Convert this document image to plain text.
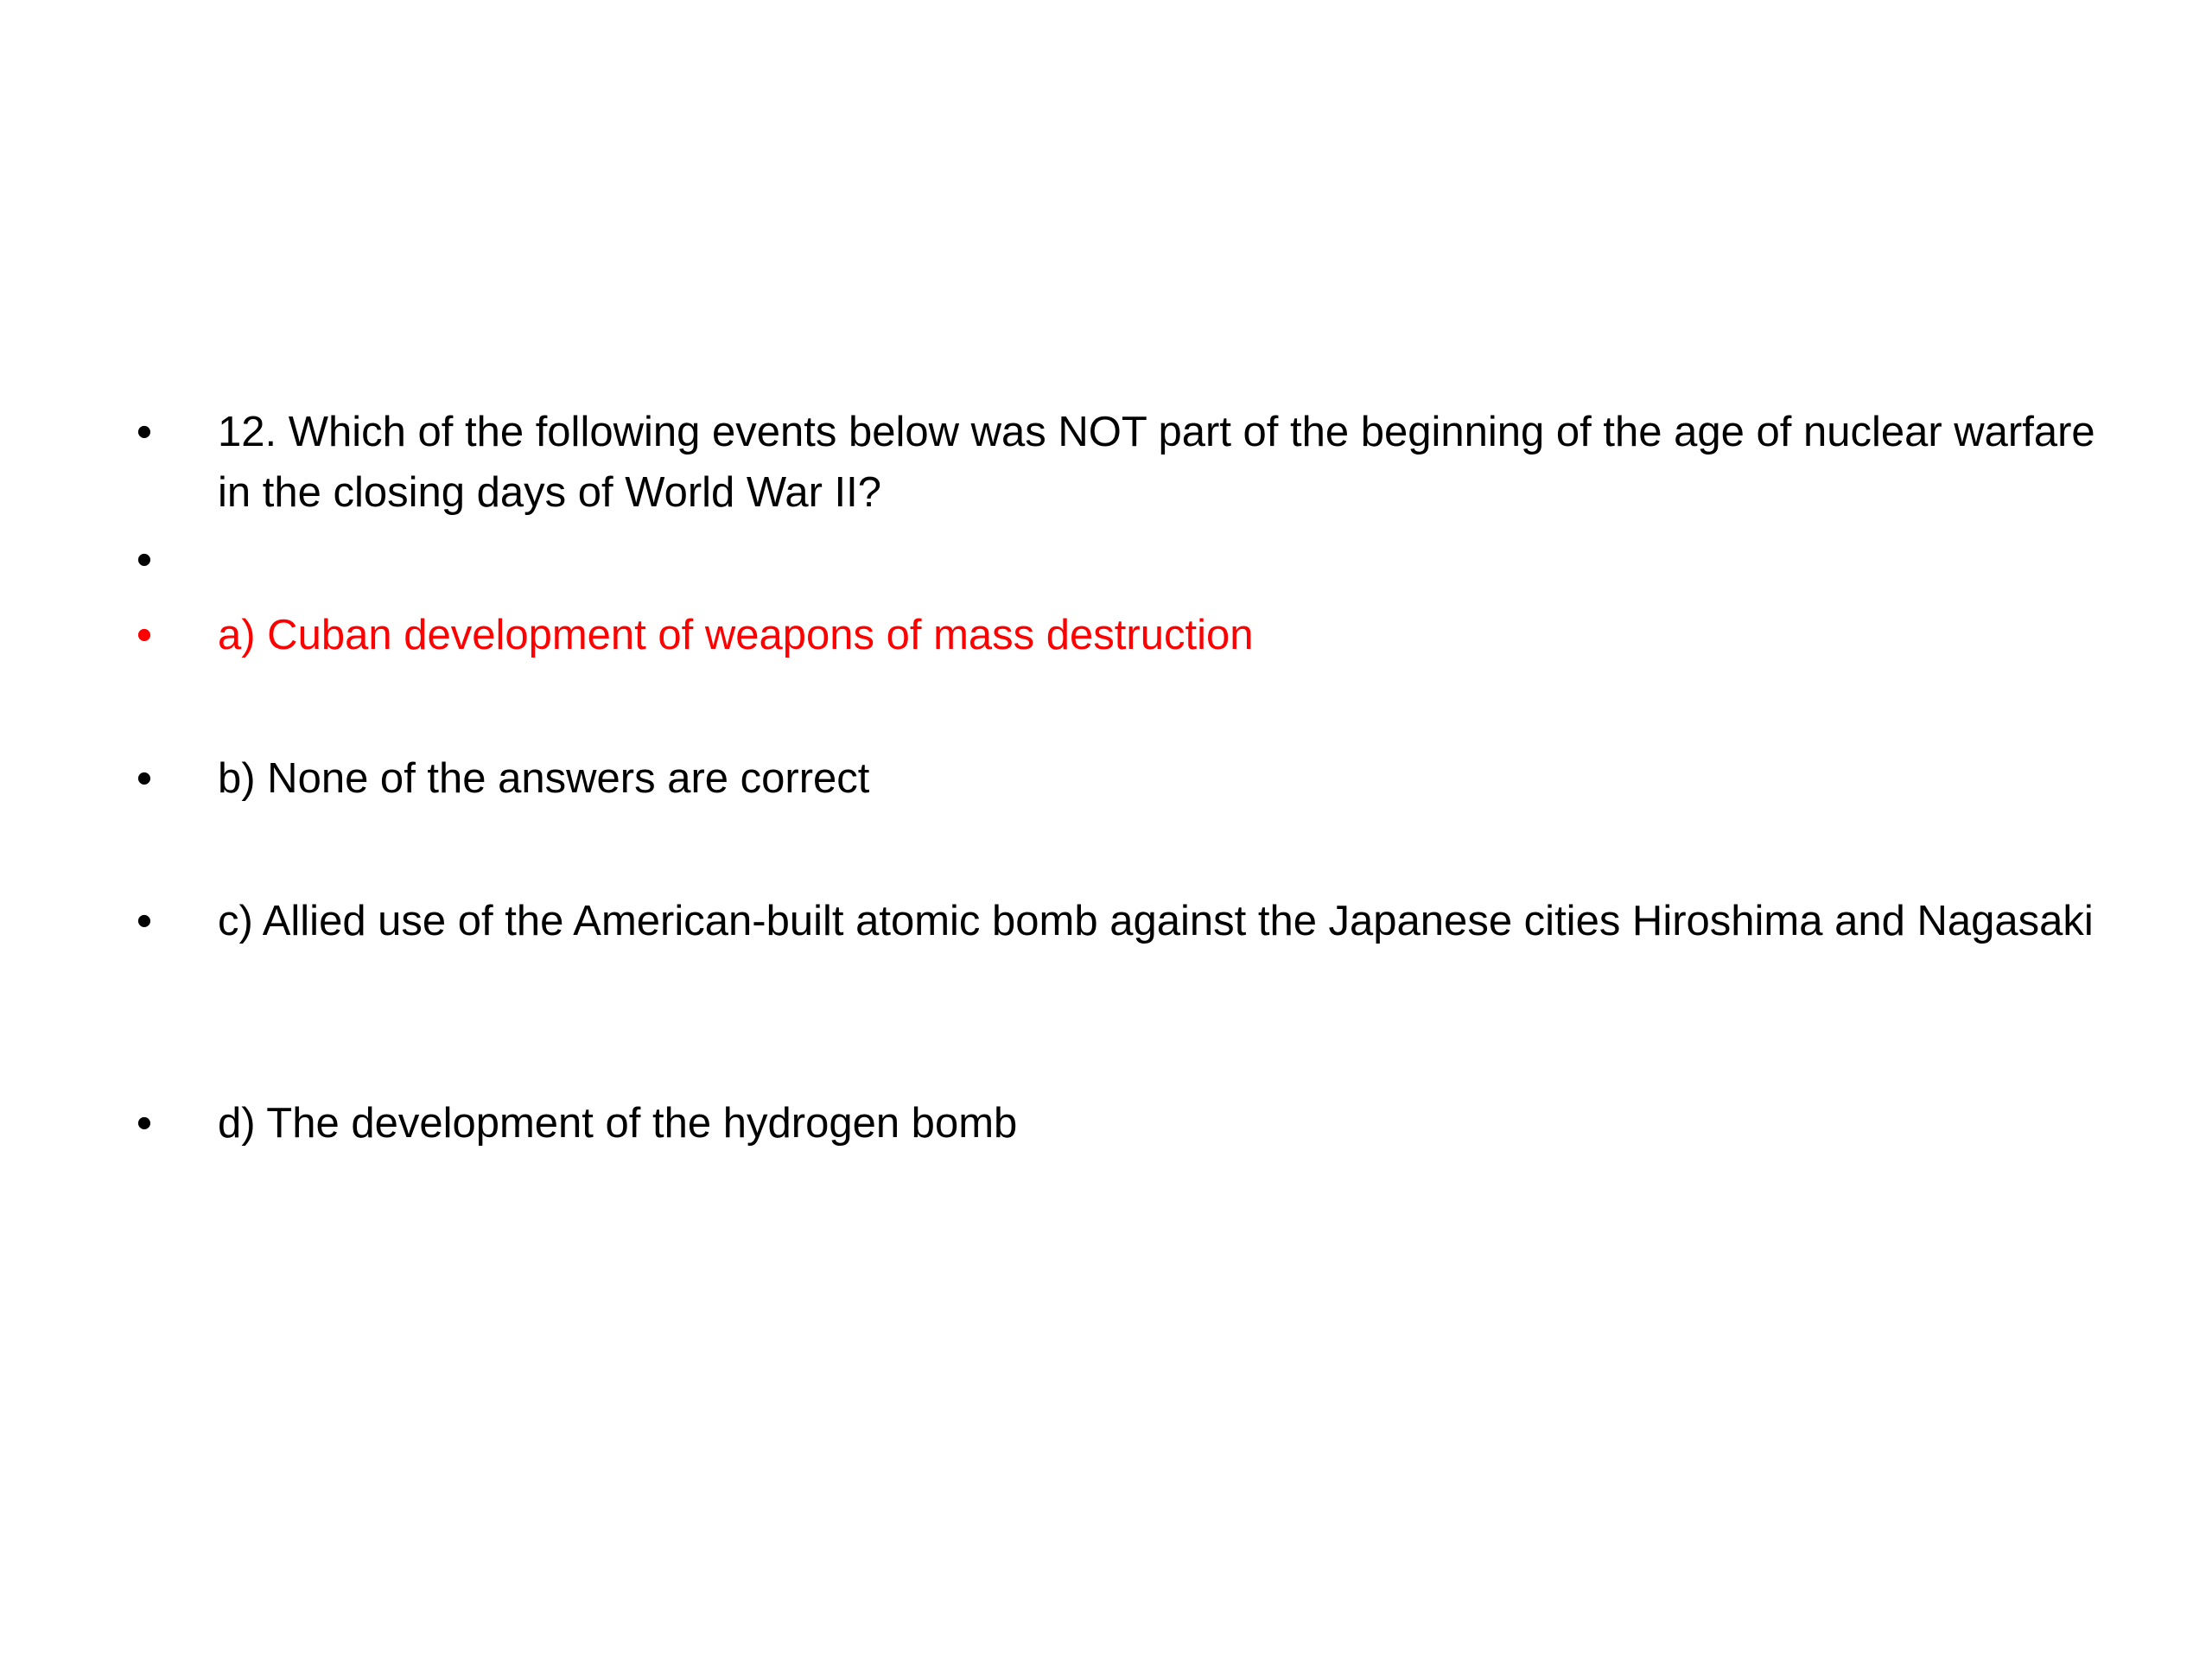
• 12. Which of the following events below was NOT part of the beginning of the age of nuclear warfare in the closing days of World War II?
•
• a) Cuban development of weapons of mass destruction
• b) None of the answers are correct
• c) Allied use of the American-built atomic bomb against the Japanese cities Hiroshima and Nagasaki
• d) The development of the hydrogen bomb
